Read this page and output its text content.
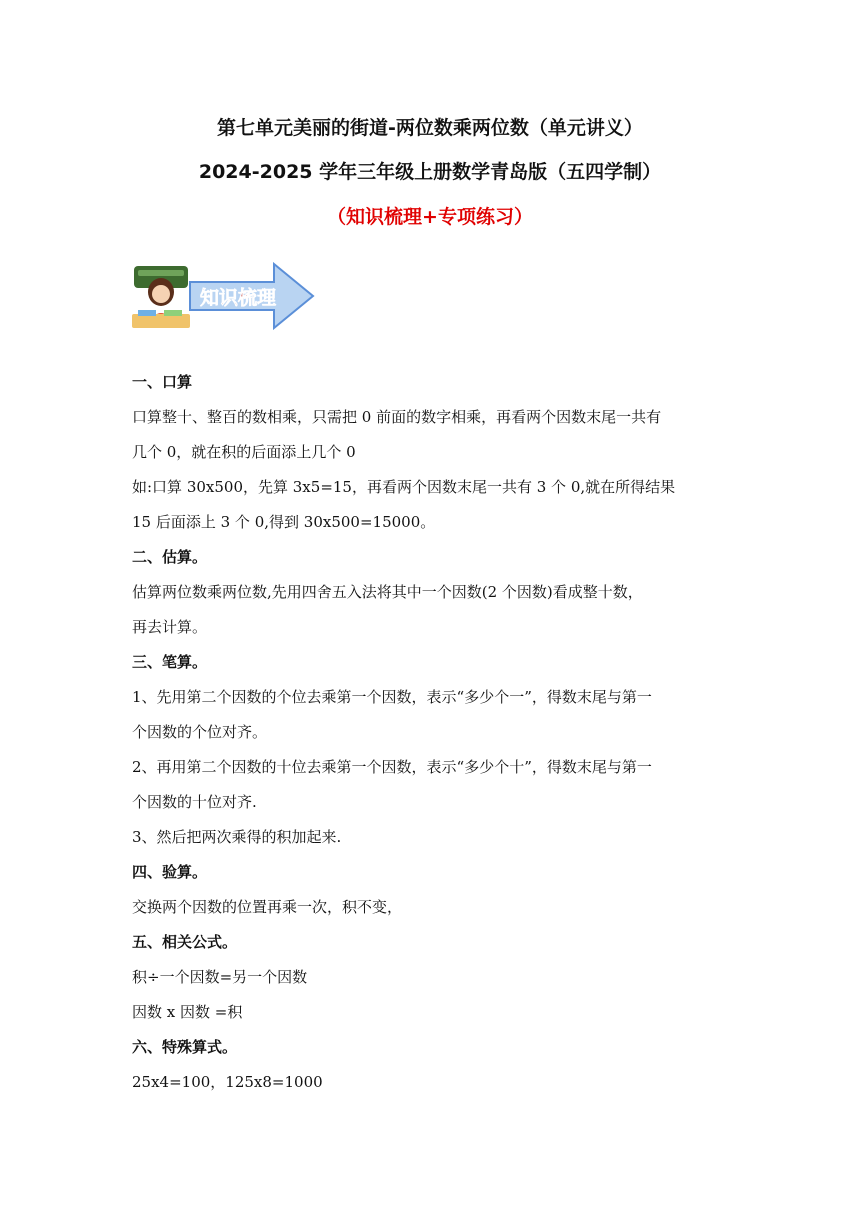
第七单元美丽的街道-两位数乘两位数（单元讲义）
2024-2025 学年三年级上册数学青岛版（五四学制）
（知识梳理+专项练习）
知识梳理
一、口算
口算整十、整百的数相乘，只需把 0 前面的数字相乘，再看两个因数末尾一共有
几个 0，就在积的后面添上几个 0
如:口算 30x500，先算 3x5=15，再看两个因数末尾一共有 3 个 0,就在所得结果
15 后面添上 3 个 0,得到 30x500=15000。
二、估算。
估算两位数乘两位数,先用四舍五入法将其中一个因数(2 个因数)看成整十数，
再去计算。
三、笔算。
1、先用第二个因数的个位去乘第一个因数，表示“多少个一”，得数末尾与第一
个因数的个位对齐。
2、再用第二个因数的十位去乘第一个因数，表示“多少个十”，得数末尾与第一
个因数的十位对齐.
3、然后把两次乘得的积加起来.
四、验算。
交换两个因数的位置再乘一次，积不变，
五、相关公式。
积÷一个因数=另一个因数
因数 x 因数 =积
六、特殊算式。
25x4=100，125x8=1000
